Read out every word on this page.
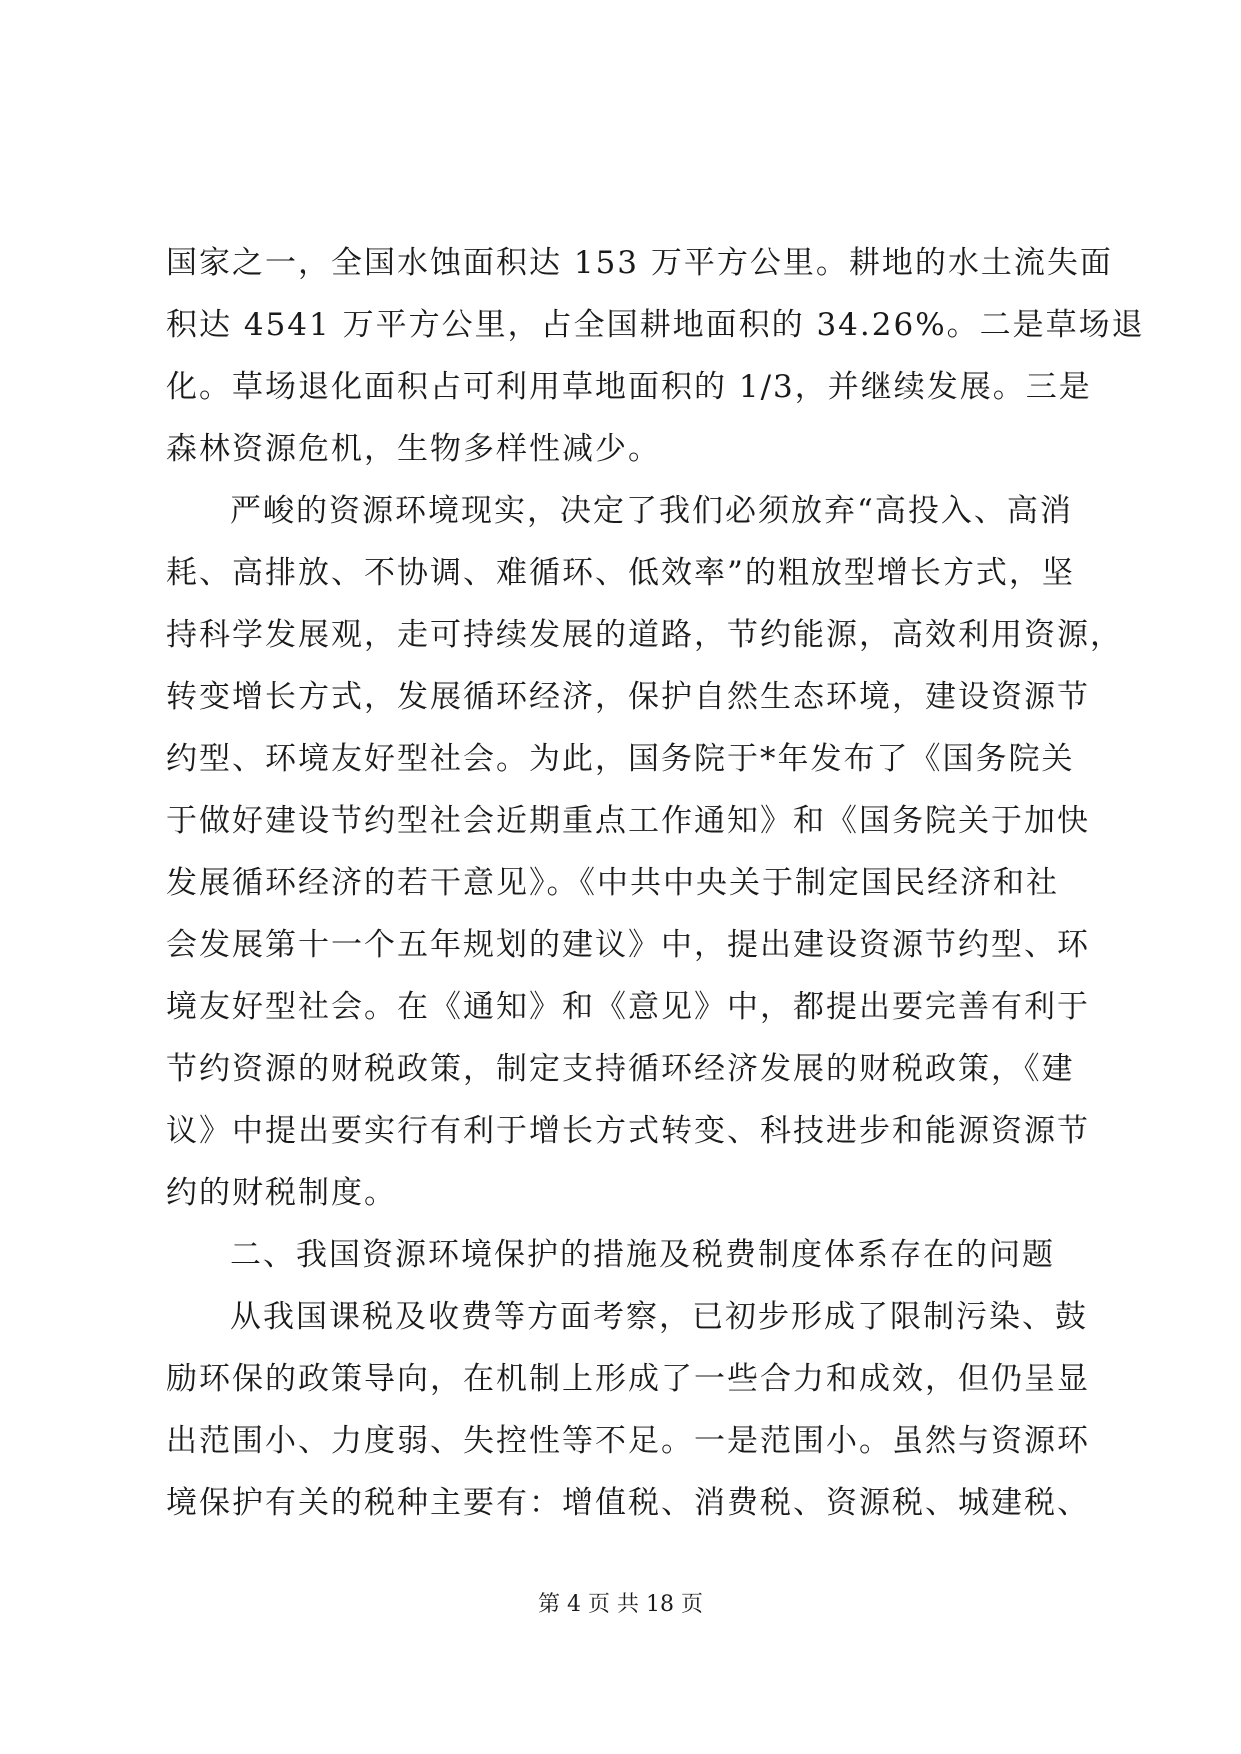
国家之一，全国水蚀面积达 153 万平方公里。耕地的水土流失面
积达 4541 万平方公里，占全国耕地面积的 34.26%。二是草场退
化。草场退化面积占可利用草地面积的 1/3，并继续发展。三是
森林资源危机，生物多样性减少。
严峻的资源环境现实，决定了我们必须放弃“高投入、高消
耗、高排放、不协调、难循环、低效率”的粗放型增长方式，坚
持科学发展观，走可持续发展的道路，节约能源，高效利用资源，
转变增长方式，发展循环经济，保护自然生态环境，建设资源节
约型、环境友好型社会。为此，国务院于*年发布了《国务院关
于做好建设节约型社会近期重点工作通知》和《国务院关于加快
发展循环经济的若干意见》。《中共中央关于制定国民经济和社
会发展第十一个五年规划的建议》中，提出建设资源节约型、环
境友好型社会。在《通知》和《意见》中，都提出要完善有利于
节约资源的财税政策，制定支持循环经济发展的财税政策，《建
议》中提出要实行有利于增长方式转变、科技进步和能源资源节
约的财税制度。
二、我国资源环境保护的措施及税费制度体系存在的问题
从我国课税及收费等方面考察，已初步形成了限制污染、鼓
励环保的政策导向，在机制上形成了一些合力和成效，但仍呈显
出范围小、力度弱、失控性等不足。一是范围小。虽然与资源环
境保护有关的税种主要有：增值税、消费税、资源税、城建税、
第 4 页 共 18 页
